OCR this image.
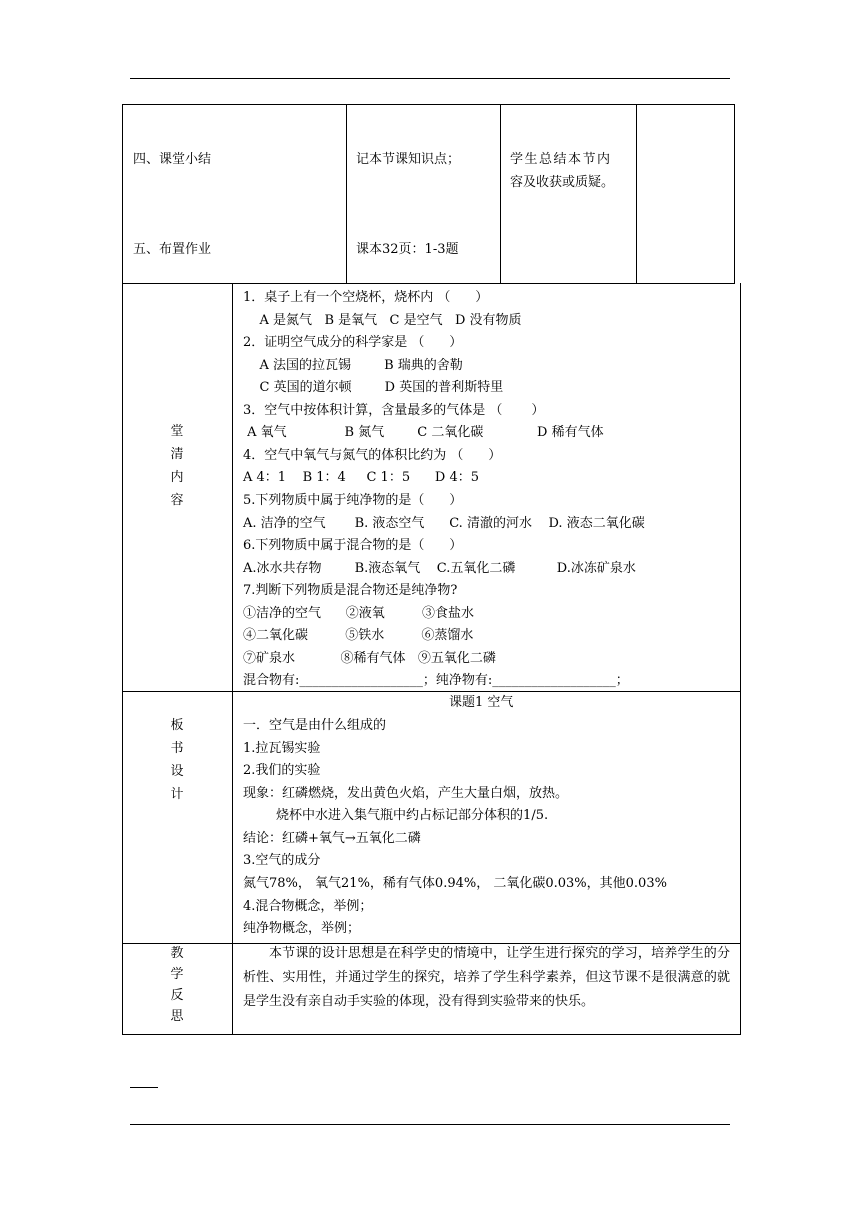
四、课堂小结
五、布置作业
记本节课知识点；
课本32页：1-3题
学生总结本节内
容及收获或质疑。
堂
清
内
容
1．桌子上有一个空烧杯，烧杯内 （      ）
A 是氮气   B 是氧气   C 是空气   D 没有物质
2．证明空气成分的科学家是 （      ）
A 法国的拉瓦锡        B 瑞典的舍勒
C 英国的道尔顿        D 英国的普利斯特里
3．空气中按体积计算，含量最多的气体是 （       ）
A 氧气              B 氮气        C 二氧化碳             D 稀有气体
4．空气中氧气与氮气的体积比约为 （      ）
A 4：1    B 1：4     C 1：5      D 4：5
5.下列物质中属于纯净物的是（      ）
A. 洁净的空气       B. 液态空气      C. 清澈的河水    D. 液态二氧化碳
6.下列物质中属于混合物的是（      ）
A.冰水共存物        B.液态氧气    C.五氧化二磷          D.冰冻矿泉水
7.判断下列物质是混合物还是纯净物?
①洁净的空气      ②液氧         ③食盐水
④二氧化碳         ⑤铁水         ⑥蒸馏水
⑦矿泉水           ⑧稀有气体   ⑨五氧化二磷
混合物有:___________________；纯净物有:___________________；
板
书
设
计
课题1 空气
一．空气是由什么组成的
1.拉瓦锡实验
2.我们的实验
现象：红磷燃烧，发出黄色火焰，产生大量白烟，放热。
烧杯中水进入集气瓶中约占标记部分体积的1/5.
结论：红磷+氧气→五氧化二磷
3.空气的成分
氮气78%， 氧气21%，稀有气体0.94%， 二氧化碳0.03%，其他0.03%
4.混合物概念，举例；
纯净物概念，举例；
教
学
反
思
本节课的设计思想是在科学史的情境中，让学生进行探究的学习，培养学生的分析性、实用性，并通过学生的探究，培养了学生科学素养，但这节课不是很满意的就是学生没有亲自动手实验的体现，没有得到实验带来的快乐。
